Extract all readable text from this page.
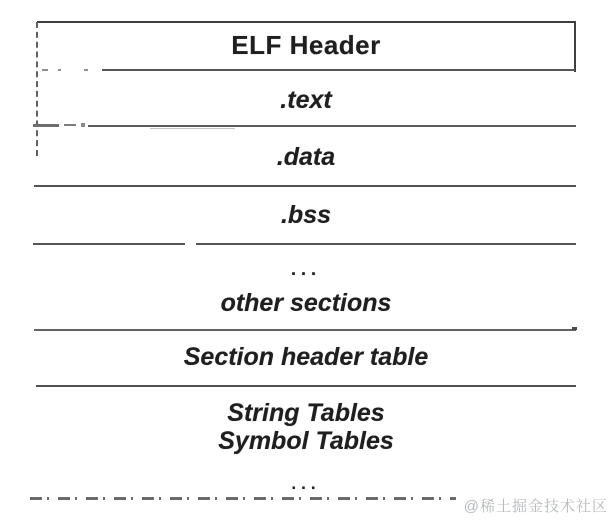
ELF Header
.text
.data
.bss
...
other sections
Section header table
String Tables
Symbol Tables
...
@稀土掘金技术社区
